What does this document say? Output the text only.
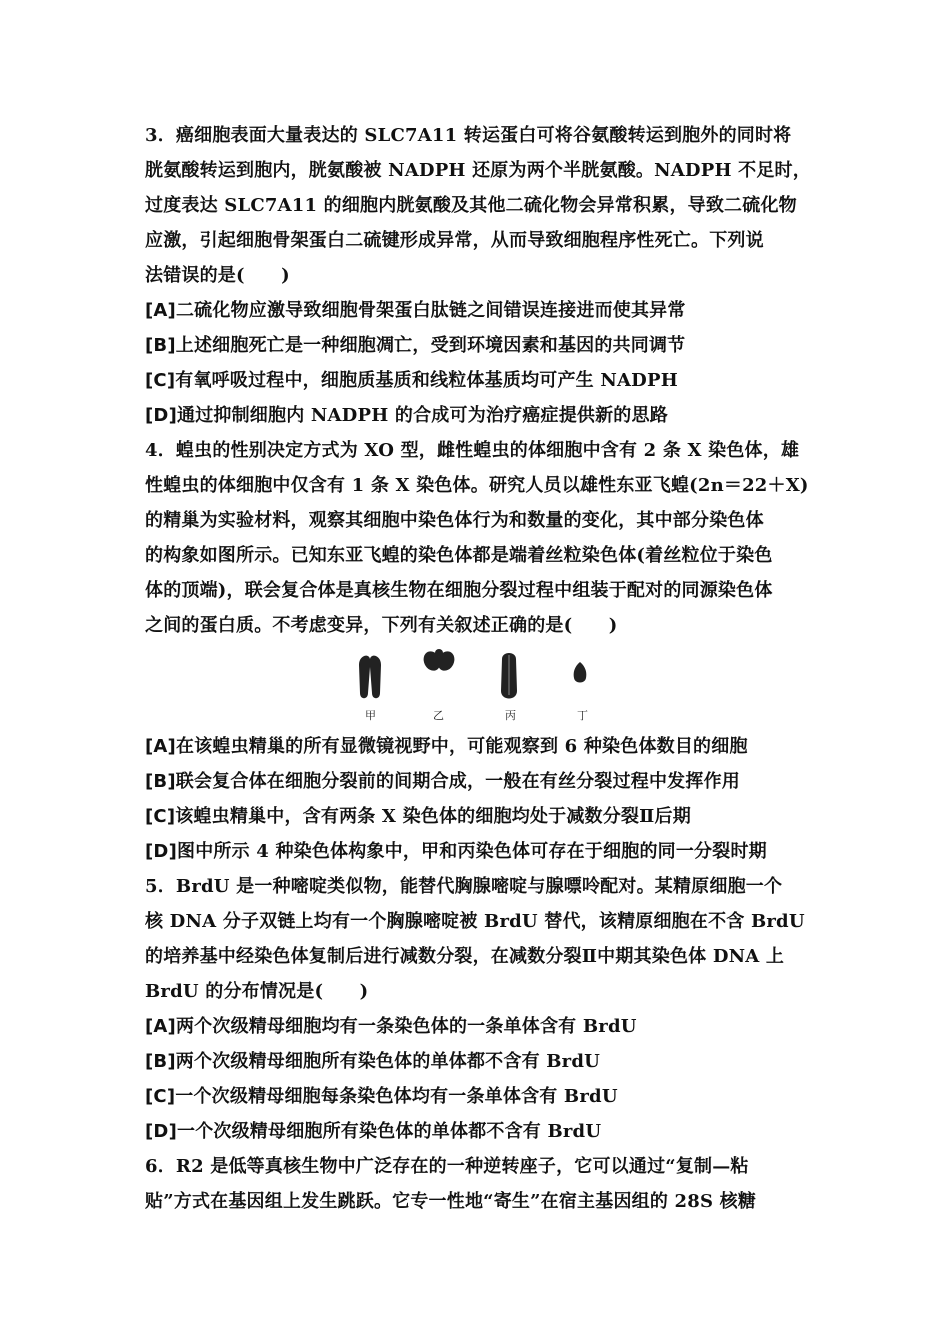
3．癌细胞表面大量表达的 SLC7A11 转运蛋白可将谷氨酸转运到胞外的同时将
胱氨酸转运到胞内，胱氨酸被 NADPH 还原为两个半胱氨酸。NADPH 不足时，
过度表达 SLC7A11 的细胞内胱氨酸及其他二硫化物会异常积累，导致二硫化物
应激，引起细胞骨架蛋白二硫键形成异常，从而导致细胞程序性死亡。下列说
法错误的是(　　)
[A]二硫化物应激导致细胞骨架蛋白肽链之间错误连接进而使其异常
[B]上述细胞死亡是一种细胞凋亡，受到环境因素和基因的共同调节
[C]有氧呼吸过程中，细胞质基质和线粒体基质均可产生 NADPH
[D]通过抑制细胞内 NADPH 的合成可为治疗癌症提供新的思路
4．蝗虫的性别决定方式为 XO 型，雌性蝗虫的体细胞中含有 2 条 X 染色体，雄
性蝗虫的体细胞中仅含有 1 条 X 染色体。研究人员以雄性东亚飞蝗(2n＝22＋X)
的精巢为实验材料，观察其细胞中染色体行为和数量的变化，其中部分染色体
的构象如图所示。已知东亚飞蝗的染色体都是端着丝粒染色体(着丝粒位于染色
体的顶端)，联会复合体是真核生物在细胞分裂过程中组装于配对的同源染色体
之间的蛋白质。不考虑变异，下列有关叙述正确的是(　　)
甲	乙	丙	丁
[A]在该蝗虫精巢的所有显微镜视野中，可能观察到 6 种染色体数目的细胞
[B]联会复合体在细胞分裂前的间期合成，一般在有丝分裂过程中发挥作用
[C]该蝗虫精巢中，含有两条 X 染色体的细胞均处于减数分裂Ⅱ后期
[D]图中所示 4 种染色体构象中，甲和丙染色体可存在于细胞的同一分裂时期
5．BrdU 是一种嘧啶类似物，能替代胸腺嘧啶与腺嘌呤配对。某精原细胞一个
核 DNA 分子双链上均有一个胸腺嘧啶被 BrdU 替代，该精原细胞在不含 BrdU
的培养基中经染色体复制后进行减数分裂，在减数分裂Ⅱ中期其染色体 DNA 上
BrdU 的分布情况是(　　)
[A]两个次级精母细胞均有一条染色体的一条单体含有 BrdU
[B]两个次级精母细胞所有染色体的单体都不含有 BrdU
[C]一个次级精母细胞每条染色体均有一条单体含有 BrdU
[D]一个次级精母细胞所有染色体的单体都不含有 BrdU
6．R2 是低等真核生物中广泛存在的一种逆转座子，它可以通过“复制—粘
贴”方式在基因组上发生跳跃。它专一性地“寄生”在宿主基因组的 28S 核糖
